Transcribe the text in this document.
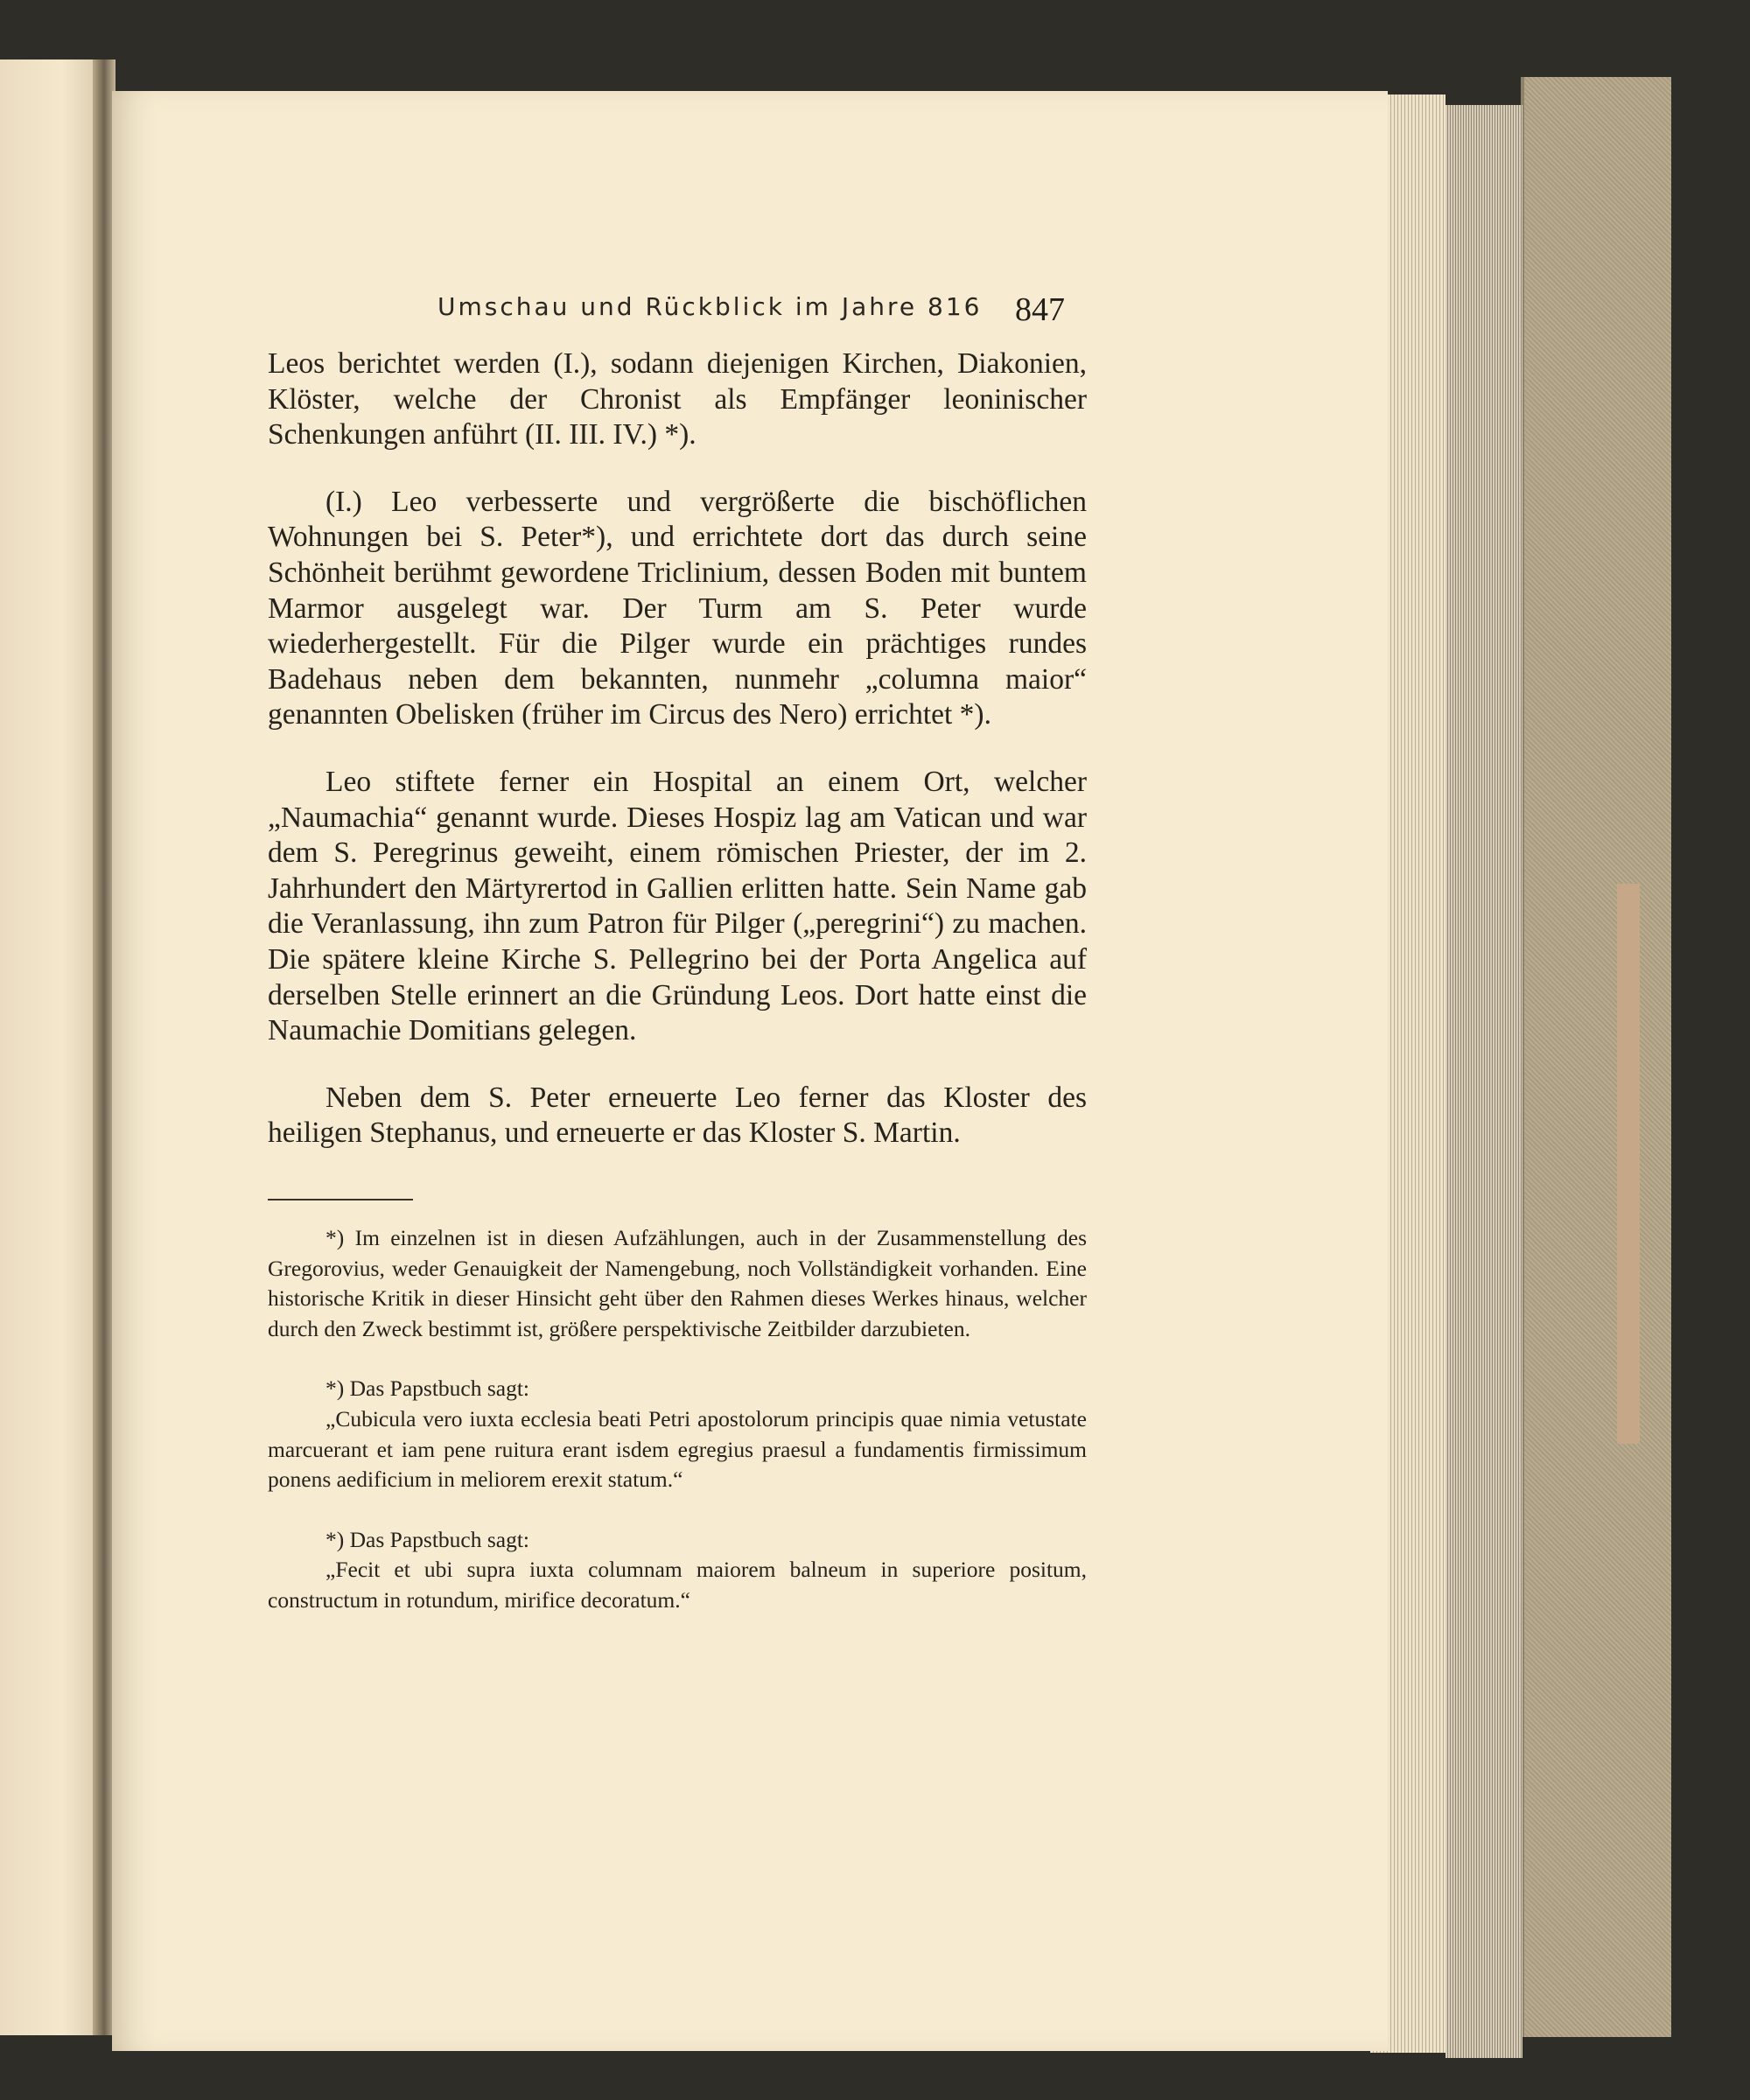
Umschau und Rückblick im Jahre 816 847

Leos berichtet werden (I.), sodann diejenigen Kirchen, Diakonien, Klöster, welche der Chronist als Empfänger leoninischer Schenkungen anführt (II. III. IV.) *).

(I.) Leo verbesserte und vergrößerte die bischöflichen Wohnungen bei S. Peter*), und errichtete dort das durch seine Schönheit berühmt gewordene Triclinium, dessen Boden mit buntem Marmor ausgelegt war. Der Turm am S. Peter wurde wiederhergestellt. Für die Pilger wurde ein prächtiges rundes Badehaus neben dem bekannten, nunmehr „columna maior“ genannten Obelisken (früher im Circus des Nero) errichtet *).

Leo stiftete ferner ein Hospital an einem Ort, welcher „Naumachia“ genannt wurde. Dieses Hospiz lag am Vatican und war dem S. Peregrinus geweiht, einem römischen Priester, der im 2. Jahrhundert den Märtyrertod in Gallien erlitten hatte. Sein Name gab die Veranlassung, ihn zum Patron für Pilger („peregrini“) zu machen. Die spätere kleine Kirche S. Pellegrino bei der Porta Angelica auf derselben Stelle erinnert an die Gründung Leos. Dort hatte einst die Naumachie Domitians gelegen.

Neben dem S. Peter erneuerte Leo ferner das Kloster des heiligen Stephanus, und erneuerte er das Kloster S. Martin.

*) Im einzelnen ist in diesen Aufzählungen, auch in der Zusammenstellung des Gregorovius, weder Genauigkeit der Namengebung, noch Vollständigkeit vorhanden. Eine historische Kritik in dieser Hinsicht geht über den Rahmen dieses Werkes hinaus, welcher durch den Zweck bestimmt ist, größere perspektivische Zeitbilder darzubieten.

*) Das Papstbuch sagt:

„Cubicula vero iuxta ecclesia beati Petri apostolorum principis quae nimia vetustate marcuerant et iam pene ruitura erant isdem egregius praesul a fundamentis firmissimum ponens aedificium in meliorem erexit statum.“

*) Das Papstbuch sagt:

„Fecit et ubi supra iuxta columnam maiorem balneum in superiore positum, constructum in rotundum, mirifice decoratum.“
